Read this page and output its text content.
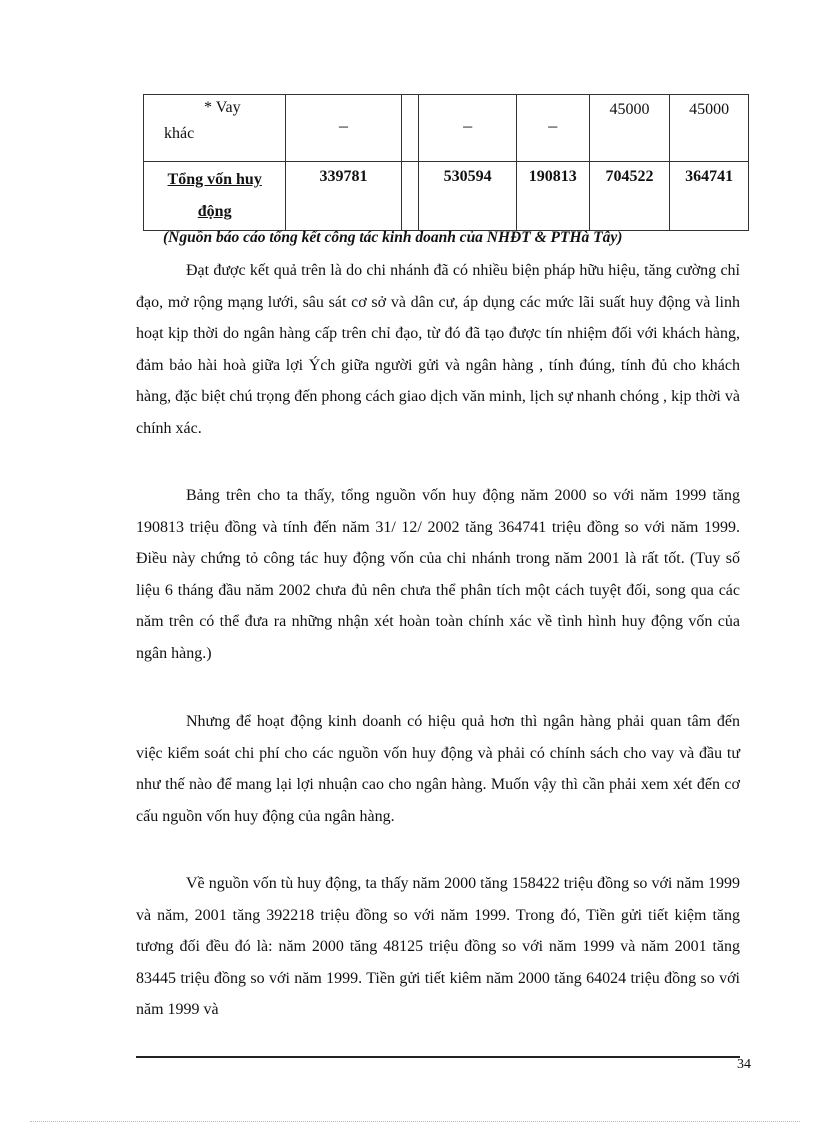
* Vay
khác	_		_	_	45000	45000

Tổng vốn huy
động	339781		530594	190813	704522	364741
(Nguồn báo cáo tổng kết công tác kinh doanh của NHĐT & PTHà Tây)

Đạt được kết quả trên là do chi nhánh đã có nhiều biện pháp hữu hiệu, tăng cường chỉ đạo, mở rộng mạng lưới, sâu sát cơ sở và dân cư, áp dụng các mức lãi suất huy động và linh hoạt kịp thời do ngân hàng cấp trên chỉ đạo, từ đó đã tạo được tín nhiệm đối với khách hàng, đảm bảo hài hoà giữa lợi Ých giữa người gửi và ngân hàng , tính đúng, tính đủ cho khách hàng, đặc biệt chú trọng đến phong cách giao dịch văn minh, lịch sự nhanh chóng , kịp thời và chính xác.

Bảng trên cho ta thấy, tổng nguồn vốn huy động năm 2000 so với năm 1999 tăng 190813 triệu đồng và tính đến năm 31/ 12/ 2002 tăng 364741 triệu đồng so với năm 1999. Điều này chứng tỏ công tác huy động vốn của chi nhánh trong năm 2001 là rất tốt. (Tuy số liệu 6 tháng đầu năm 2002 chưa đủ nên chưa thể phân tích một cách tuyệt đối, song qua các năm trên có thể đưa ra những nhận xét hoàn toàn chính xác về tình hình huy động vốn của ngân hàng.)

Nhưng để hoạt động kinh doanh có hiệu quả hơn thì ngân hàng phải quan tâm đến việc kiểm soát chi phí cho các nguồn vốn huy động và phải có chính sách cho vay và đầu tư như thế nào để mang lại lợi nhuận cao cho ngân hàng. Muốn vậy thì cần phải xem xét đến cơ cấu nguồn vốn huy động của ngân hàng.

Về nguồn vốn tù huy động, ta thấy năm 2000 tăng 158422 triệu đồng so với năm 1999 và năm, 2001 tăng 392218 triệu đồng so với năm 1999. Trong đó, Tiền gửi tiết kiệm tăng tương đối đều đó là: năm 2000 tăng 48125 triệu đồng so với năm 1999 và năm 2001 tăng 83445 triệu đồng so với năm 1999. Tiền gửi tiết kiêm năm 2000 tăng 64024 triệu đồng so với năm 1999 và

34
